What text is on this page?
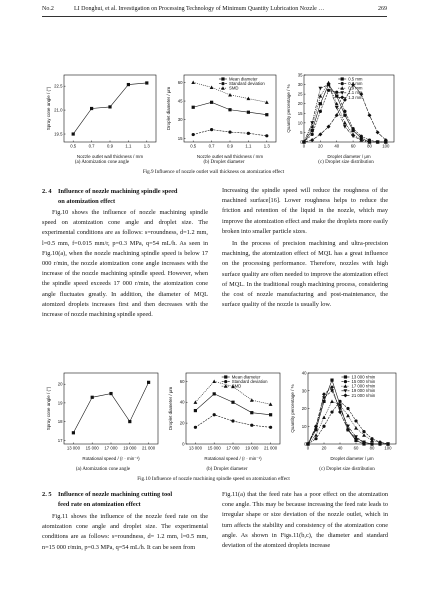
No.2	LI Donghui, et al. Investigation on Processing Technology of Minimum Quantity Lubrication Nozzle …	269
0.5	0.7	0.9	1.1	1.3
19.5
21.0
22.5
Nozzle outlet wall thickness / mm
Spray cone angle / (°)
0.5	0.7	0.9	1.1	1.3
15
30
45
60
Nozzle outlet wall thickness / mm
Droplet diameter / μm
Mean diameter
Standard deviation
SMD
0	20	40	60	80 100
0
5
10
15
20
25
30
35
Droplet diameter / μm
Quantity percentage / %
0.5 mm
0.7 mm
0.9 mm
1.1 mm
1.3 mm
(a) Atomization cone angle	(b) Droplet diameter	(c) Droplet size distribution
Fig.9 Influence of nozzle outlet wall thickness on atomization effect
2. 4 Influence of nozzle machining spindle speed
on atomization effect

Fig.10 shows the influence of nozzle machining spindle speed on atomization cone angle and droplet size. The experimental conditions are as follows: s=roundness, d=1.2 mm, l=0.5 mm, f=0.015 mm/r, p=0.3 MPa, q=54 mL/h. As seen in Fig.10(a), when the nozzle machining spindle speed is below 17 000 r/min, the nozzle atomization cone angle increases with the increase of the nozzle machining spindle speed. However, when the spindle speed exceeds 17 000 r/min, the atomization cone angle fluctuates greatly. In addition, the diameter of MQL atomized droplets increases first and then decreases with the increase of nozzle machining spindle speed.

Increasing the spindle speed will reduce the roughness of the machined surface[16]. Lower roughness helps to reduce the friction and retention of the liquid in the nozzle, which may improve the atomization effect and make the droplets more easily broken into smaller particle sizes.

In the process of precision machining and ultra-precision machining, the atomization effect of MQL has a great influence on the processing performance. Therefore, nozzles with high surface quality are often needed to improve the atomization effect of MQL. In the traditional rough machining process, considering the cost of nozzle manufacturing and post-maintenance, the surface quality of the nozzle is usually low.

13 000 15 000 17 000 19 000 21 000
17
18
19
20
Rotational speed / (r · min⁻¹)
Spray cone angle / (°)
13 000 15 000 17 000 19 000 21 000
0
20
40
60
Rotational speed / (r · min⁻¹)
Droplet diameter / μm
Mean diameter
Standard deviation
SMD
0	20	40	60	80 100
0
10
20
30
40
Droplet diameter / μm
Quantity percentage / %
13 000 r/min
15 000 r/min
17 000 r/min
19 000 r/min
21 000 r/min
(a) Atomization cone angle	(b) Droplet diameter	(c) Droplet size distribution
Fig.10 Influence of nozzle machining spindle speed on atomization effect
2. 5 Influence of nozzle machining cutting tool
feed rate on atomization effect

Fig.11 shows the influence of the nozzle feed rate on the atomization cone angle and droplet size. The experimental conditions are as follows: s=roundness, d= 1.2 mm, l=0.5 mm, n=15 000 r/min, p=0.3 MPa, q=54 mL/h. It can be seen from

Fig.11(a) that the feed rate has a poor effect on the atomization cone angle. This may be because increasing the feed rate leads to irregular shape or size deviation of the nozzle outlet, which in turn affects the stability and consistency of the atomization cone angle. As shown in Figs.11(b,c), the diameter and standard deviation of the atomized droplets increase
